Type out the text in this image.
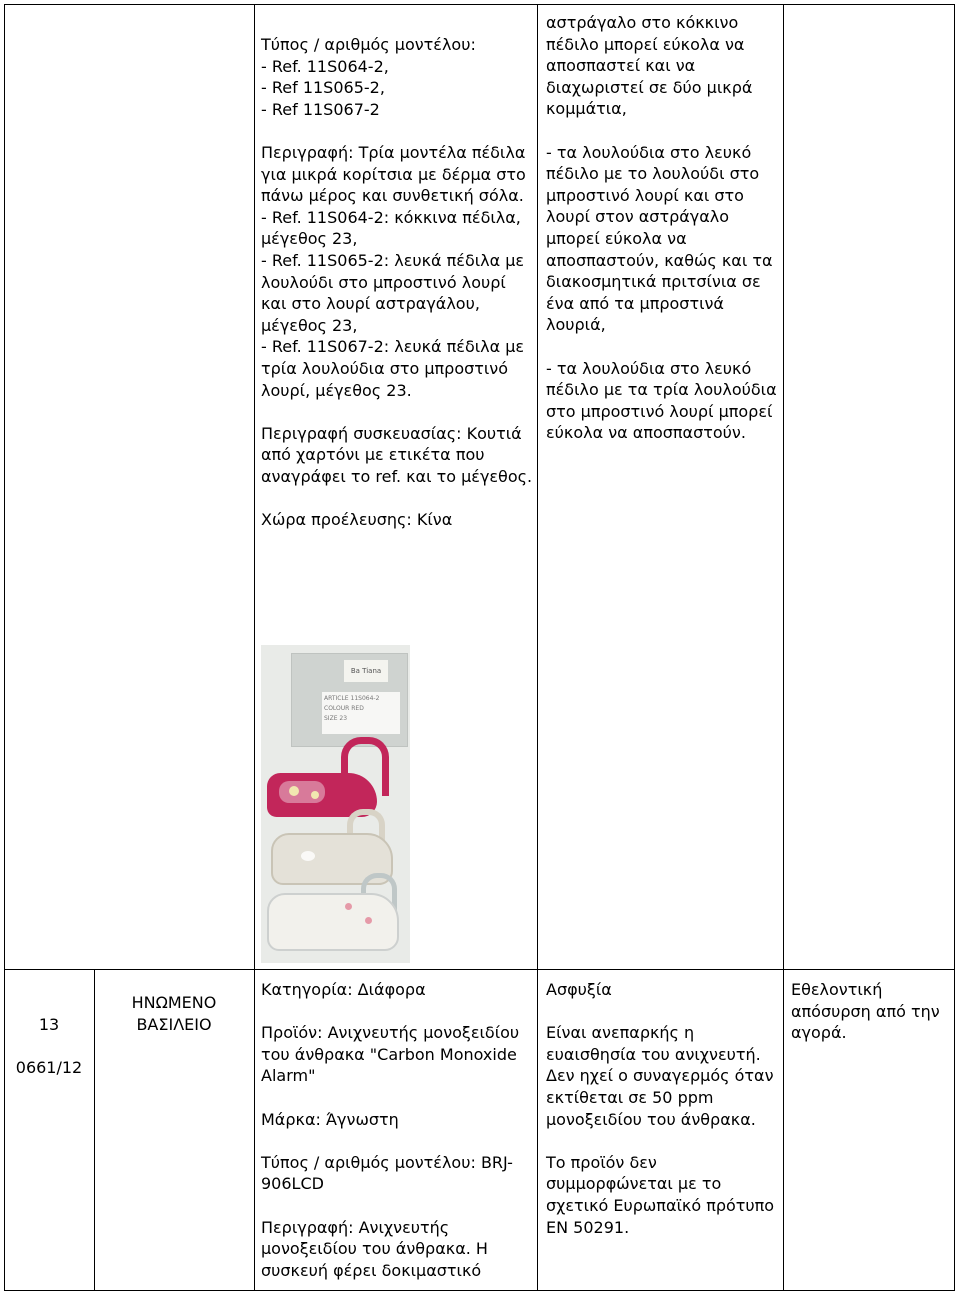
Τύπος / αριθμός μοντέλου:
- Ref. 11S064-2,
- Ref 11S065-2,
- Ref 11S067-2

Περιγραφή: Τρία μοντέλα πέδιλα για μικρά κορίτσια με δέρμα στο πάνω μέρος και συνθετική σόλα.
- Ref. 11S064-2: κόκκινα πέδιλα, μέγεθος 23,
- Ref. 11S065-2: λευκά πέδιλα με λουλούδι στο μπροστινό λουρί και στο λουρί αστραγάλου, μέγεθος 23,
- Ref. 11S067-2: λευκά πέδιλα με τρία λουλούδια στο μπροστινό λουρί, μέγεθος 23.

Περιγραφή συσκευασίας: Κουτιά από χαρτόνι με ετικέτα που αναγράφει το ref. και το μέγεθος.

Χώρα προέλευσης: Κίνα
αστράγαλο στο κόκκινο πέδιλο μπορεί εύκολα να αποσπαστεί και να διαχωριστεί σε δύο μικρά κομμάτια,

- τα λουλούδια στο λευκό πέδιλο με το λουλούδι στο μπροστινό λουρί και στο λουρί στον αστράγαλο μπορεί εύκολα να αποσπαστούν, καθώς και τα διακοσμητικά πριτσίνια σε ένα από τα μπροστινά λουριά,

- τα λουλούδια στο λευκό πέδιλο με τα τρία λουλούδια στο μπροστινό λουρί μπορεί εύκολα να αποσπαστούν.
Ba Tiana
ARTICLE 11S064-2
COLOUR RED
SIZE 23

13

0661/12

ΗΝΩΜΕΝΟ ΒΑΣΙΛΕΙΟ
Κατηγορία: Διάφορα

Προϊόν: Ανιχνευτής μονοξειδίου του άνθρακα "Carbon Monoxide Alarm"

Μάρκα: Άγνωστη

Τύπος / αριθμός μοντέλου: BRJ-906LCD

Περιγραφή: Ανιχνευτής μονοξειδίου του άνθρακα. Η συσκευή φέρει δοκιμαστικό
Ασφυξία

Είναι ανεπαρκής η ευαισθησία του ανιχνευτή. Δεν ηχεί ο συναγερμός όταν εκτίθεται σε 50 ppm μονοξειδίου του άνθρακα.

Το προϊόν δεν συμμορφώνεται με το σχετικό Ευρωπαϊκό πρότυπο ΕΝ 50291.
Εθελοντική απόσυρση από την αγορά.
